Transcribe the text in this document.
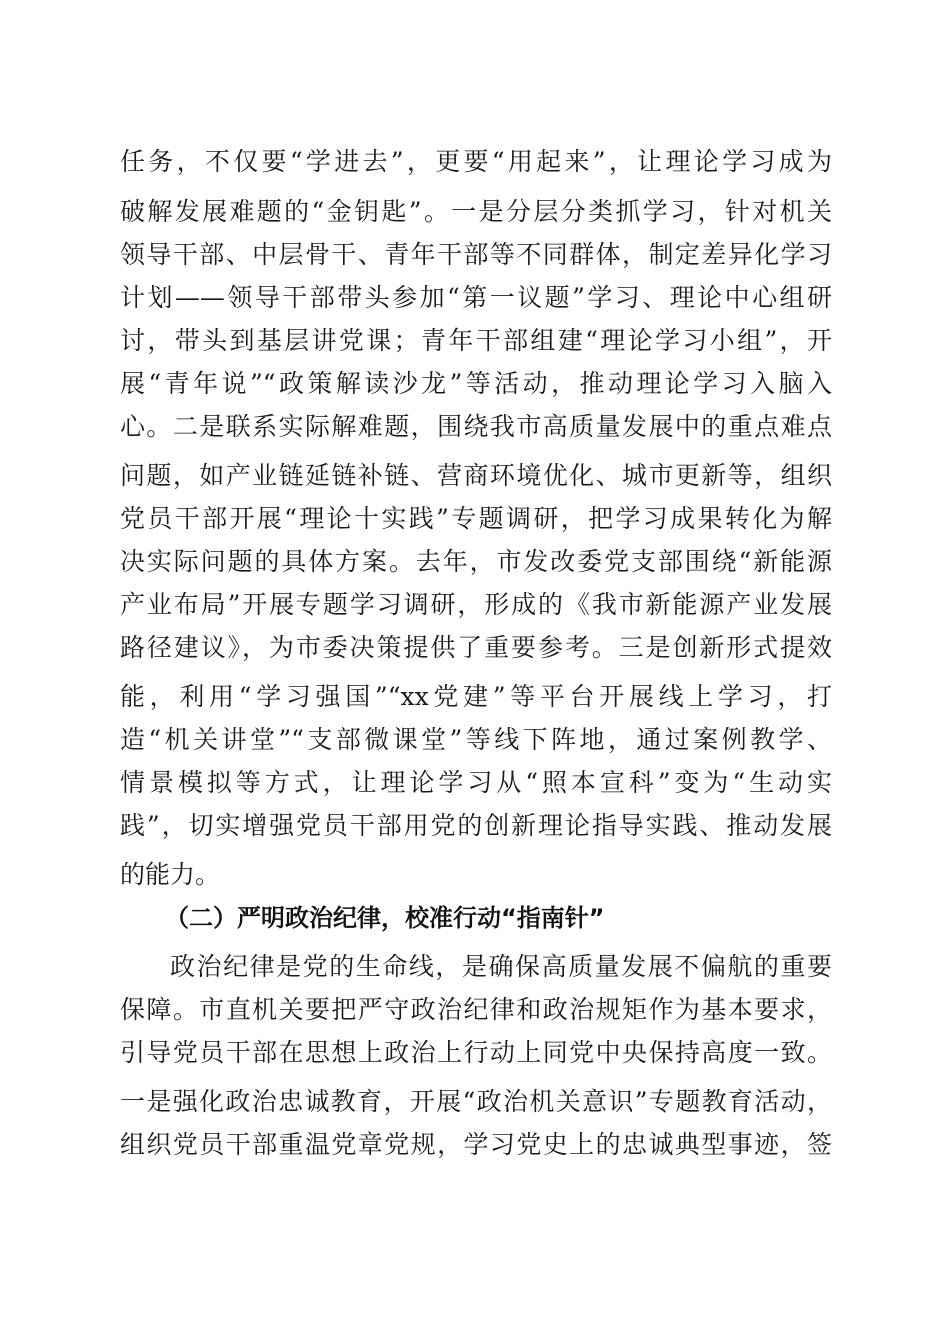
任务，不仅要“学进去”，更要“用起来”，让理论学习成为
破解发展难题的“金钥匙”。一是分层分类抓学习，针对机关
领导干部、中层骨干、青年干部等不同群体，制定差异化学习
计划——领导干部带头参加“第一议题”学习、理论中心组研
讨，带头到基层讲党课；青年干部组建“理论学习小组”，开
展“青年说”“政策解读沙龙”等活动，推动理论学习入脑入
心。二是联系实际解难题，围绕我市高质量发展中的重点难点
问题，如产业链延链补链、营商环境优化、城市更新等，组织
党员干部开展“理论十实践”专题调研，把学习成果转化为解
决实际问题的具体方案。去年，市发改委党支部围绕“新能源
产业布局”开展专题学习调研，形成的《我市新能源产业发展
路径建议》，为市委决策提供了重要参考。三是创新形式提效
能，利用“学习强国”“xx党建”等平台开展线上学习，打
造“机关讲堂”“支部微课堂”等线下阵地，通过案例教学、
情景模拟等方式，让理论学习从“照本宣科”变为“生动实
践”，切实增强党员干部用党的创新理论指导实践、推动发展
的能力。
（二）严明政治纪律，校准行动“指南针”
政治纪律是党的生命线，是确保高质量发展不偏航的重要
保障。市直机关要把严守政治纪律和政治规矩作为基本要求，
引导党员干部在思想上政治上行动上同党中央保持高度一致。
一是强化政治忠诚教育，开展“政治机关意识”专题教育活动，
组织党员干部重温党章党规，学习党史上的忠诚典型事迹，签
